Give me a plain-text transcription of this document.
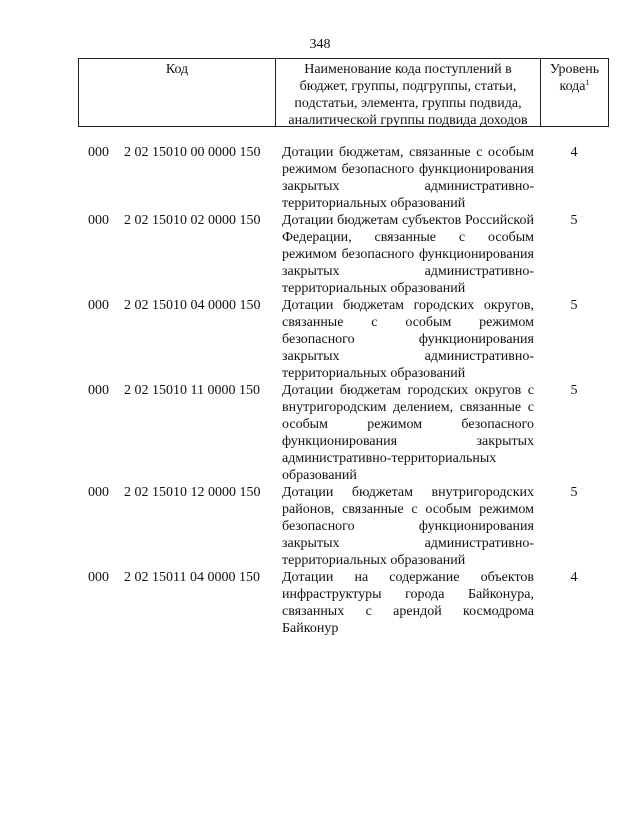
348
Код	Наименование кода поступлений в бюджет, группы, подгруппы, статьи, подстатьи, элемента, группы подвида, аналитической группы подвида доходов
Уровень кода$^1$
000 2 02 15010 00 0000 150 Дотации бюджетам, связанные с особым режимом безопасного функционирования закрытых административно-территориальных образований
4
000 2 02 15010 02 0000 150 Дотации бюджетам субъектов Российской Федерации, связанные с особым режимом безопасного функционирования закрытых административно-территориальных образований
5
000 2 02 15010 04 0000 150 Дотации бюджетам городских округов, связанные с особым режимом безопасного функционирования закрытых административно-территориальных образований
5
000 2 02 15010 11 0000 150 Дотации бюджетам городских округов с внутригородским делением, связанные с особым режимом безопасного функционирования закрытых административно-территориальных образований
5
000 2 02 15010 12 0000 150 Дотации бюджетам внутригородских районов, связанные с особым режимом безопасного функционирования закрытых административно-территориальных образований
5
000 2 02 15011 04 0000 150 Дотации на содержание объектов инфраструктуры города Байконура, связанных с арендой космодрома Байконур
4
